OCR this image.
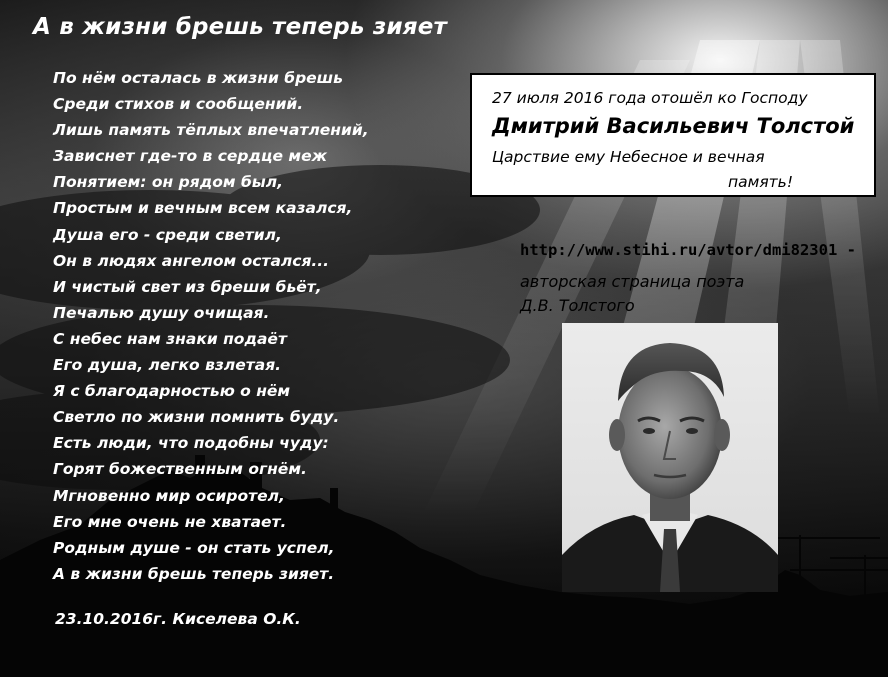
А в жизни брешь теперь зияет
По нём осталась в жизни брешь
Среди стихов и сообщений.
Лишь память тёплых впечатлений,
Зависнет где-то в сердце меж
Понятием: он рядом был,
Простым и вечным всем казался,
Душа его - среди светил,
Он в людях ангелом остался...
И чистый свет из бреши бьёт,
Печалью душу очищая.
С небес нам знаки подаёт
Его душа, легко взлетая.
Я с благодарностью о нём
Светло по жизни помнить буду.
Есть люди, что подобны чуду:
Горят божественным огнём.
Мгновенно мир осиротел,
Его мне очень не хватает.
Родным душе - он стать успел,
А в жизни брешь теперь зияет.
23.10.2016г. Киселева О.К.
27 июля 2016 года отошёл ко Господу
Дмитрий Васильевич Толстой
Царствие ему Небесное и вечная
память!
http://www.stihi.ru/avtor/dmi82301 -
авторская страница поэта
Д.В. Толстого
